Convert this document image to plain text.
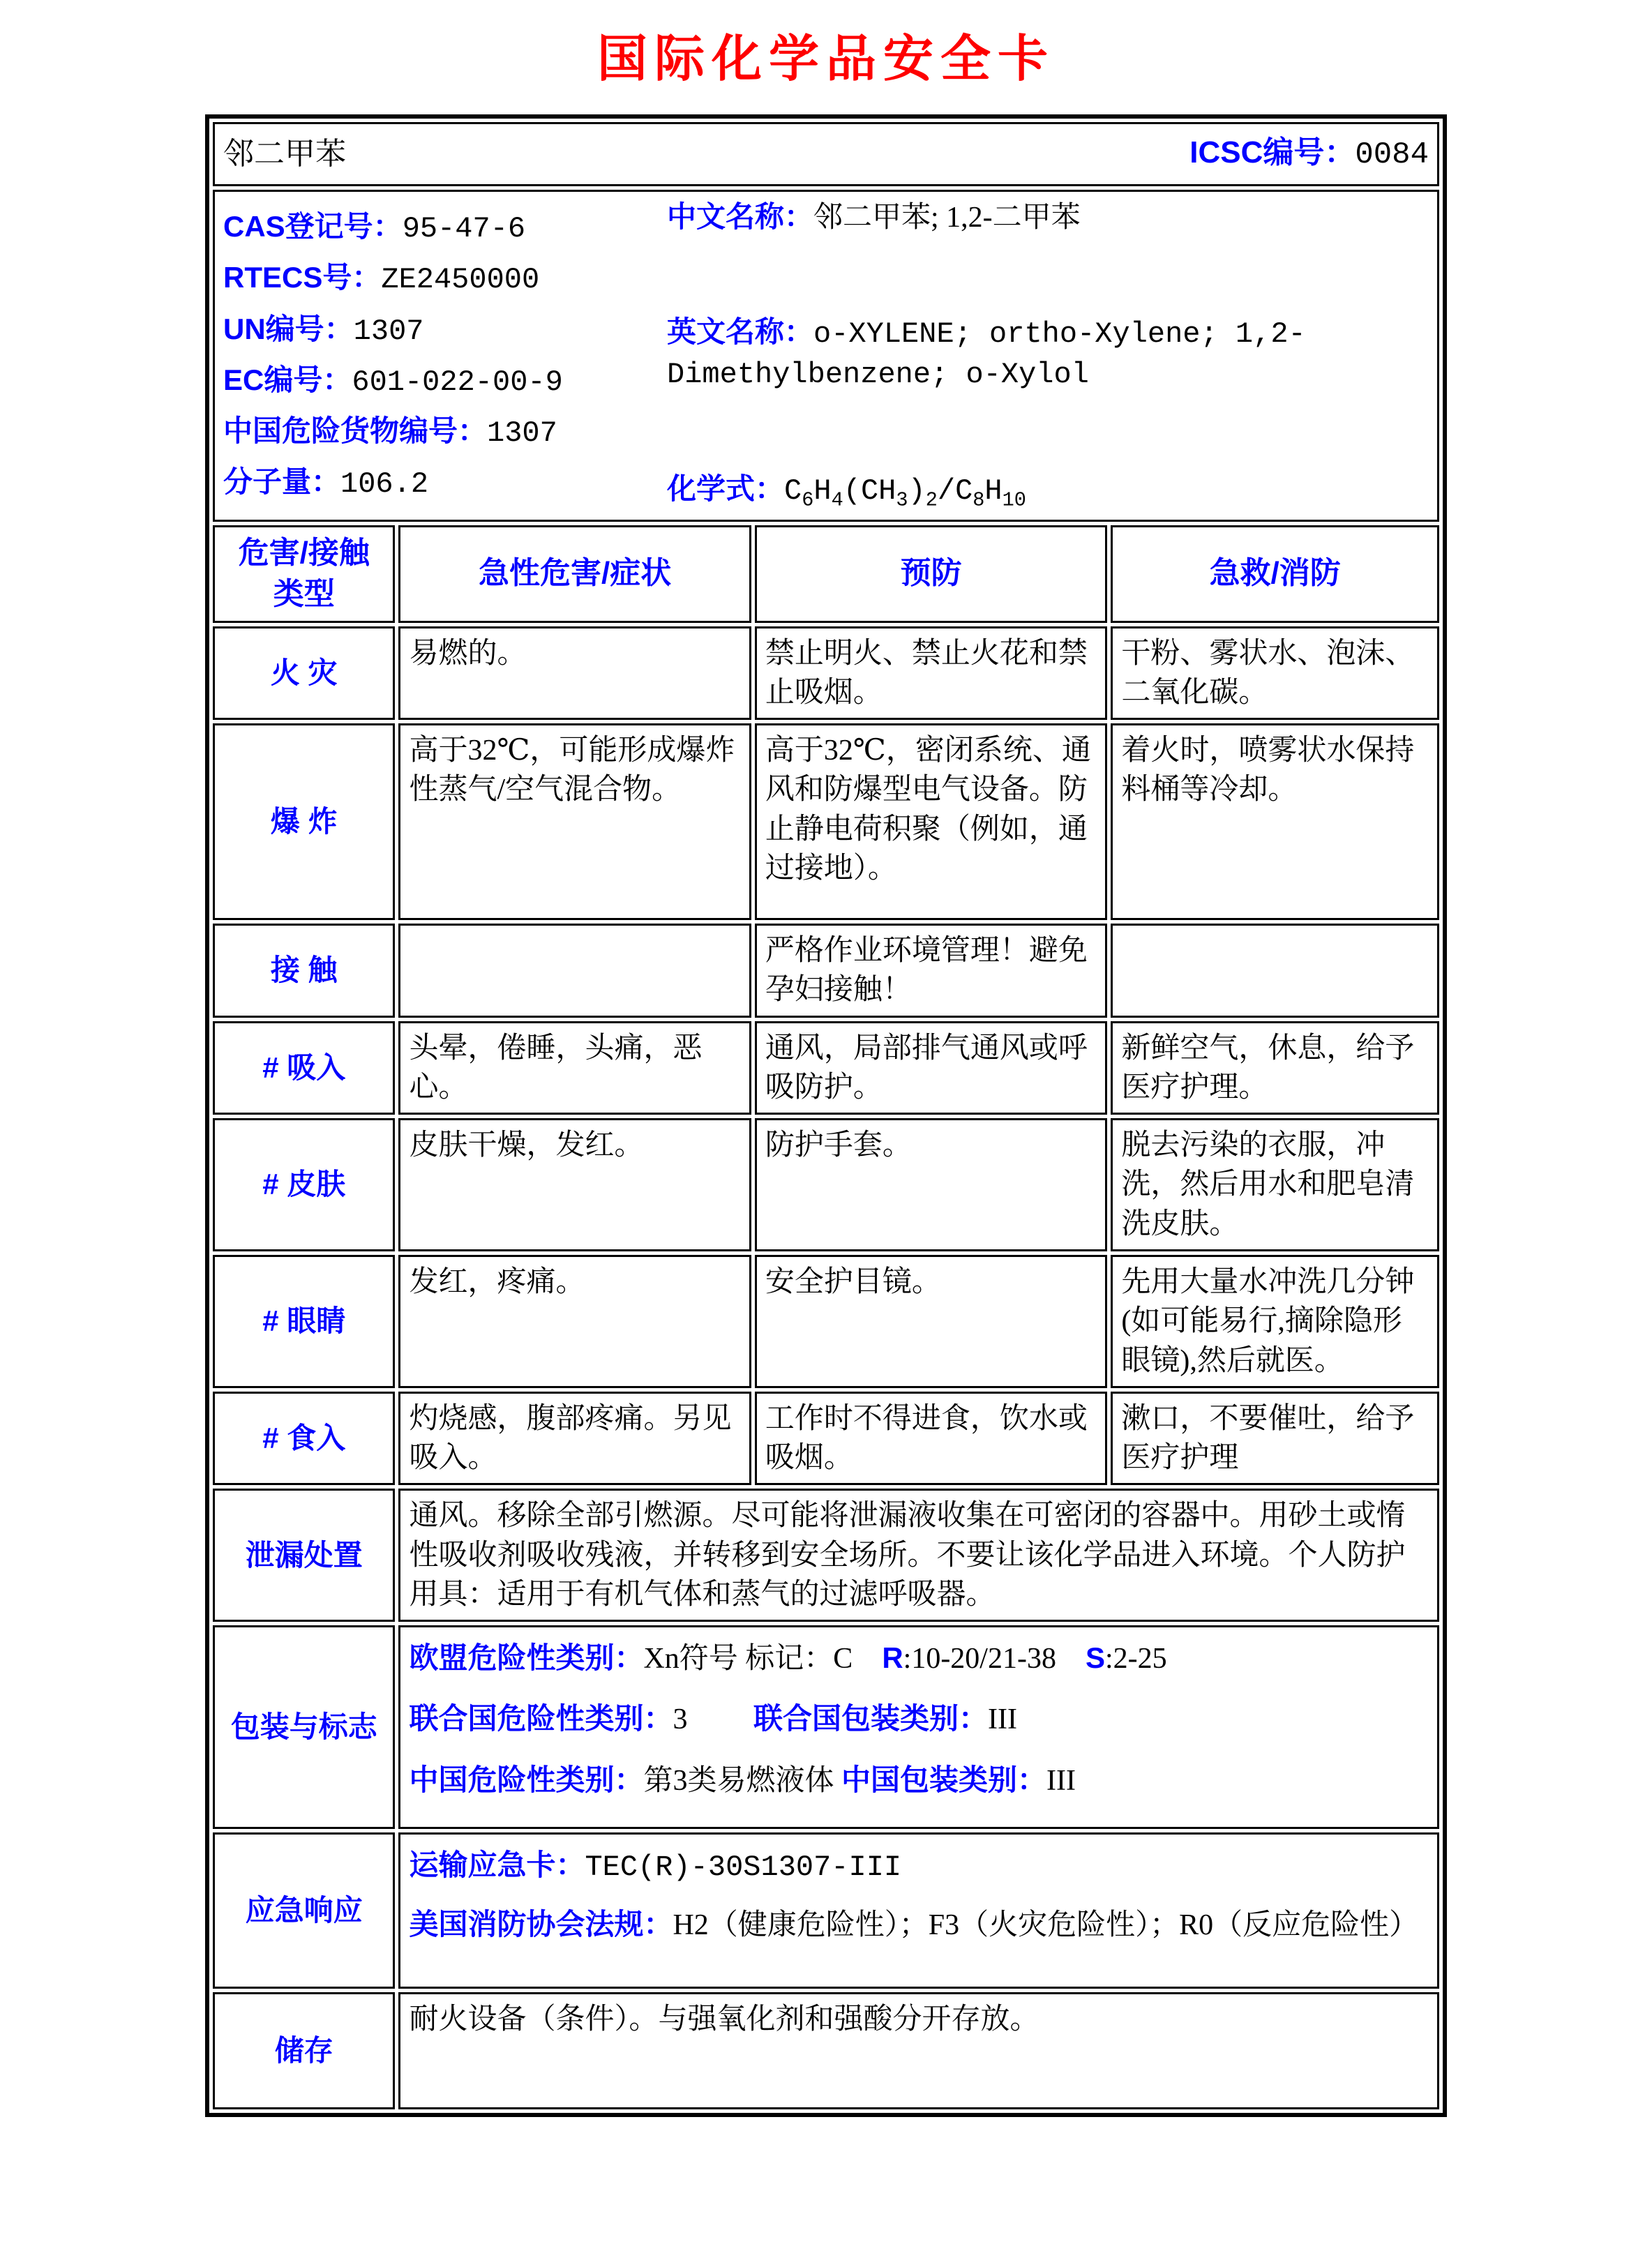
国际化学品安全卡
邻二甲苯 ICSC编号：0084			

CAS登记号：95-47-6
RTECS号：ZE2450000
UN编号：1307
EC编号：601-022-00-9
中国危险货物编号：1307
分子量：106.2
中文名称：邻二甲苯; 1,2-二甲苯
英文名称：o-XYLENE; ortho-Xylene; 1,2-Dimethylbenzene; o-Xylol
化学式：$C_6H_4(CH_3)_2/C_8H_{10}$

危害/接触类型	急性危害/症状	预防	急救/消防
火 灾	易燃的。	禁止明火、禁止火花和禁止吸烟。	干粉、雾状水、泡沫、二氧化碳。
爆 炸	高于32℃，可能形成爆炸性蒸气/空气混合物。	高于32℃，密闭系统、通风和防爆型电气设备。防止静电荷积聚（例如，通过接地）。	着火时，喷雾状水保持料桶等冷却。
接 触		严格作业环境管理！避免孕妇接触！	
# 吸入	头晕，倦睡，头痛，恶心。	通风，局部排气通风或呼吸防护。	新鲜空气，休息，给予医疗护理。
# 皮肤	皮肤干燥，发红。	防护手套。	脱去污染的衣服，冲洗，然后用水和肥皂清洗皮肤。
# 眼睛	发红，疼痛。	安全护目镜。	先用大量水冲洗几分钟(如可能易行,摘除隐形眼镜),然后就医。
# 食入	灼烧感，腹部疼痛。另见吸入。	工作时不得进食，饮水或吸烟。	漱口，不要催吐，给予医疗护理
泄漏处置	通风。移除全部引燃源。尽可能将泄漏液收集在可密闭的容器中。用砂土或惰性吸收剂吸收残液，并转移到安全场所。不要让该化学品进入环境。个人防护用具：适用于有机气体和蒸气的过滤呼吸器。		
包装与标志	欧盟危险性类别：Xn符号 标记：C    R:10-20/21-38    S:2-25
联合国危险性类别：3         联合国包装类别：III
中国危险性类别：第3类易燃液体 中国包装类别：III		

应急响应	运输应急卡：TEC(R)-30S1307-III
美国消防协会法规：H2（健康危险性）；F3（火灾危险性）；R0（反应危险性）		

储存	耐火设备（条件）。与强氧化剂和强酸分开存放。		
